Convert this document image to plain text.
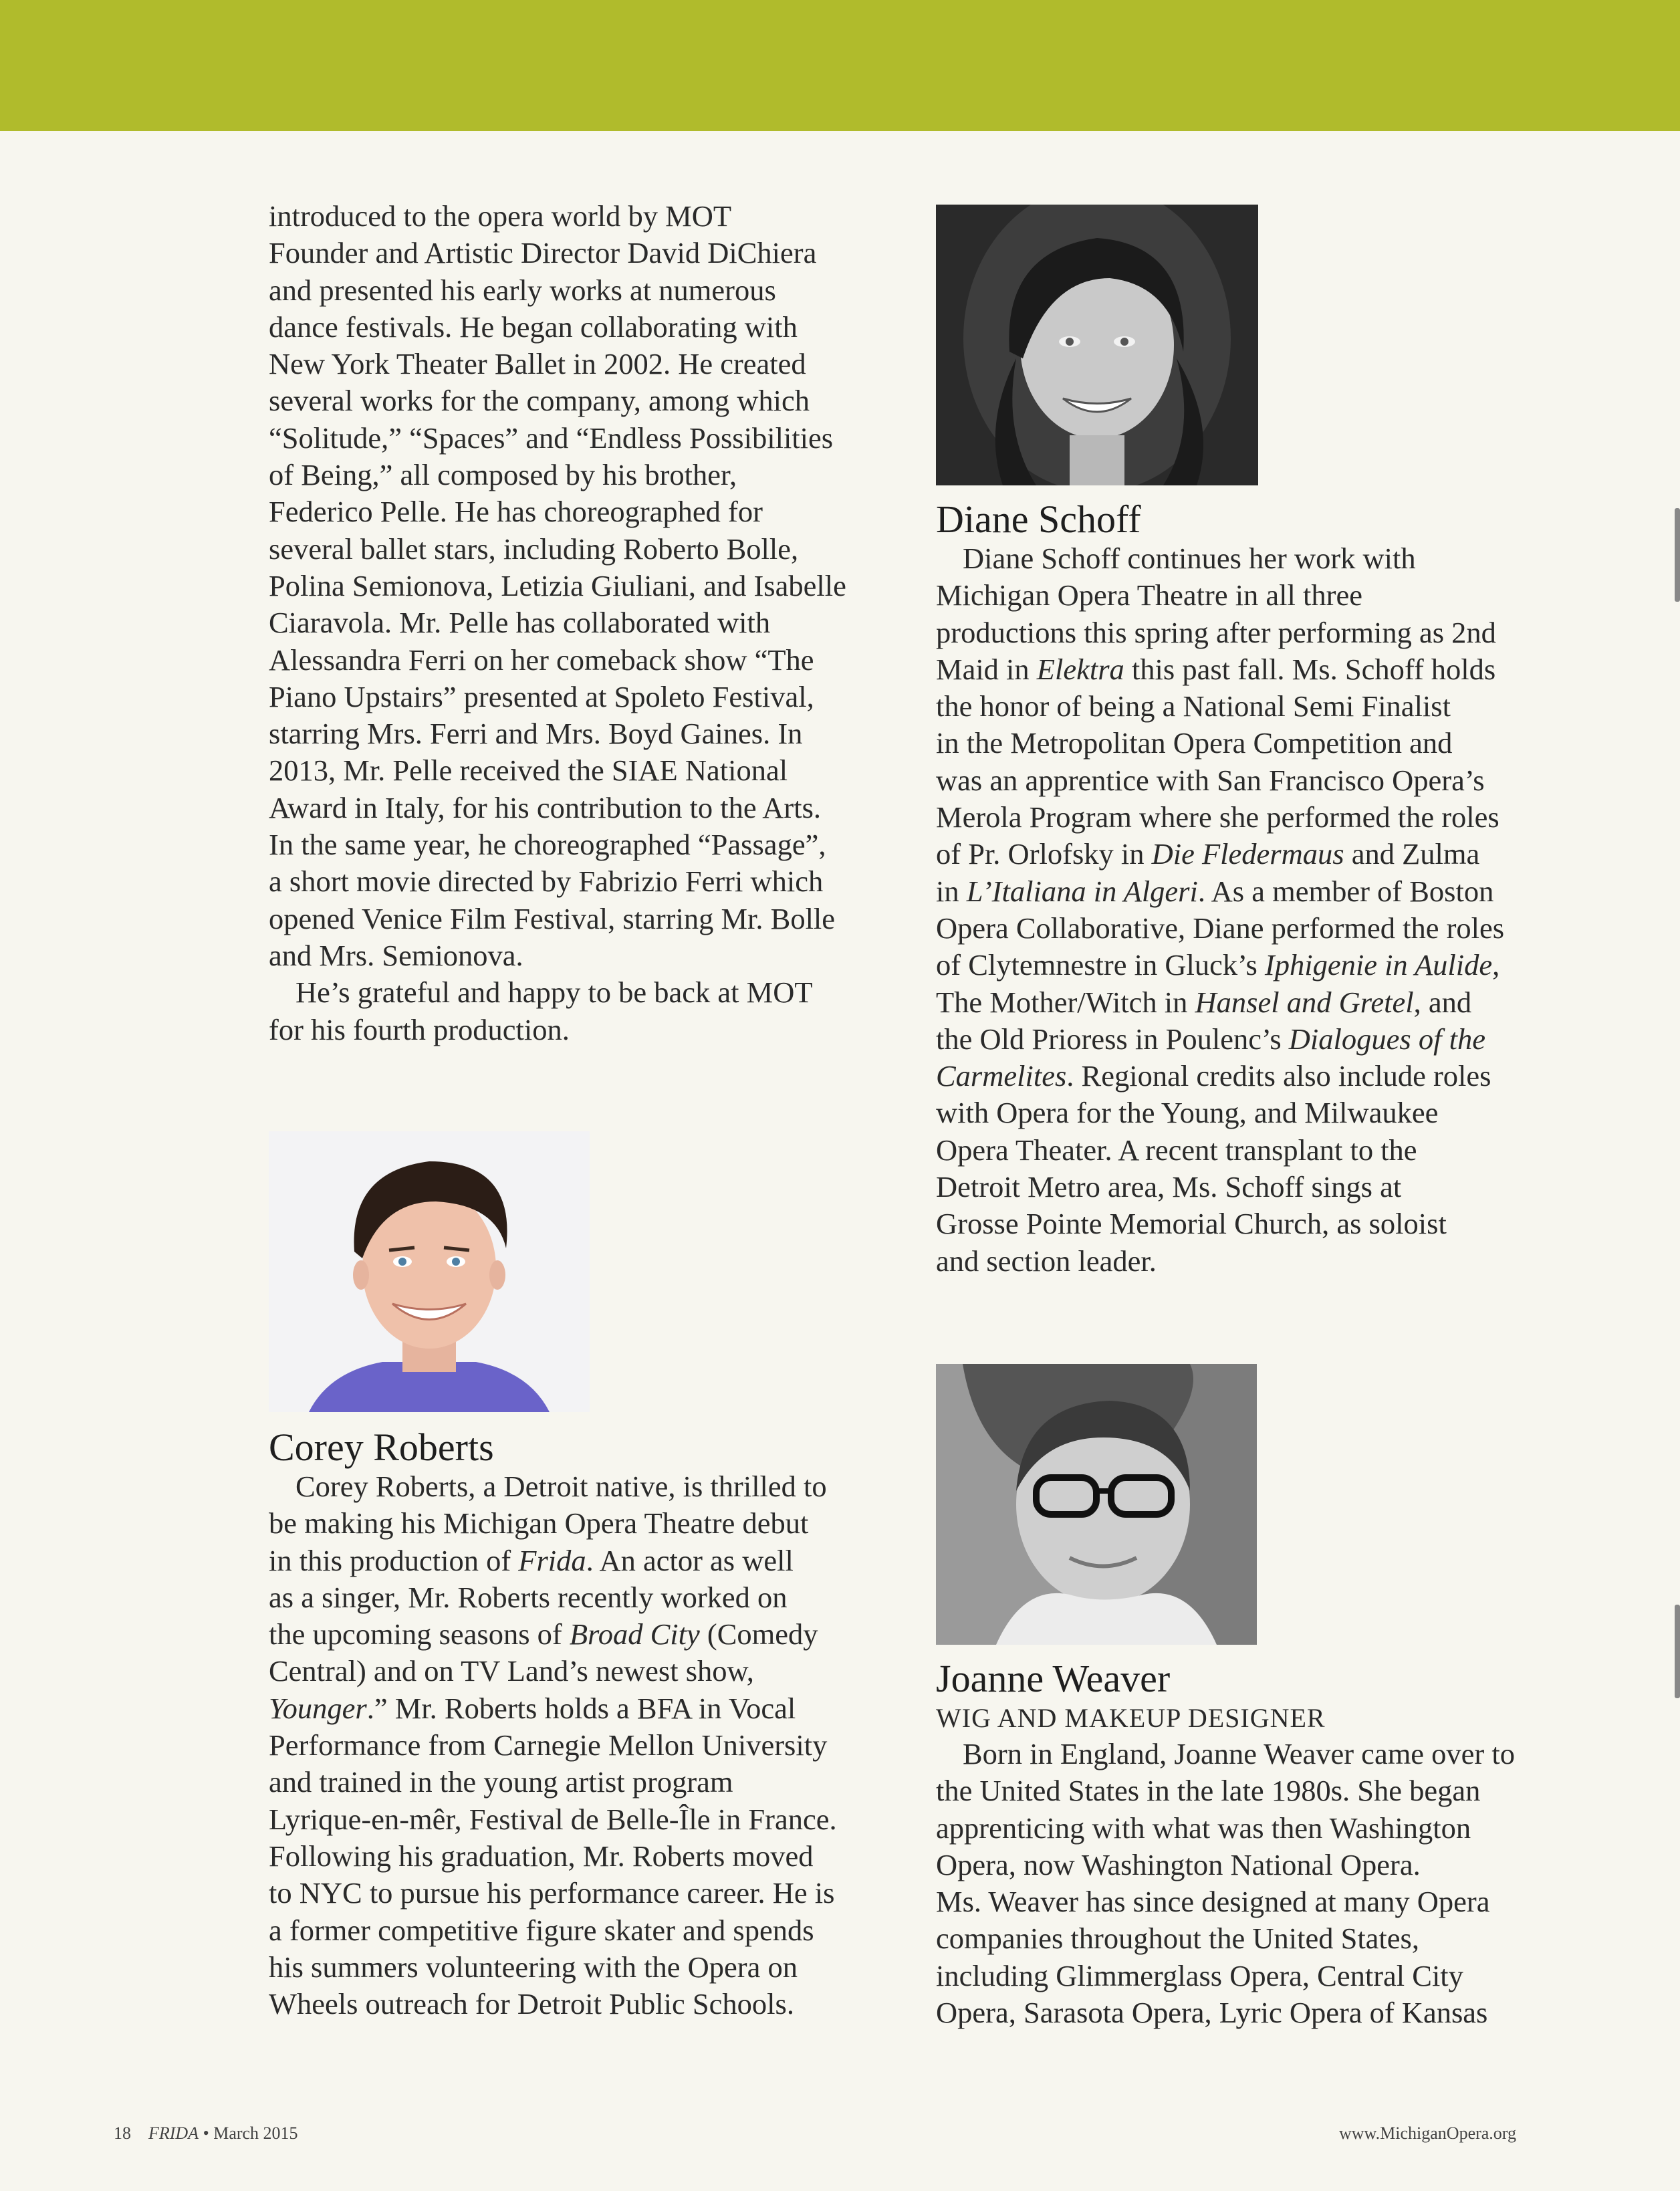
introduced to the opera world by MOT

Founder and Artistic Director David DiChiera

and presented his early works at numerous

dance festivals. He began collaborating with

New York Theater Ballet in 2002. He created

several works for the company, among which

“Solitude,” “Spaces” and “Endless Possibilities

of Being,” all composed by his brother,

Federico Pelle. He has choreographed for

several ballet stars, including Roberto Bolle,

Polina Semionova, Letizia Giuliani, and Isabelle

Ciaravola. Mr. Pelle has collaborated with

Alessandra Ferri on her comeback show “The

Piano Upstairs” presented at Spoleto Festival,

starring Mrs. Ferri and Mrs. Boyd Gaines. In

2013, Mr. Pelle received the SIAE National

Award in Italy, for his contribution to the Arts.

In the same year, he choreographed “Passage”,

a short movie directed by Fabrizio Ferri which

opened Venice Film Festival, starring Mr. Bolle

and Mrs. Semionova.

He’s grateful and happy to be back at MOT

for his fourth production.

Corey Roberts

Corey Roberts, a Detroit native, is thrilled to

be making his Michigan Opera Theatre debut

in this production of Frida. An actor as well

as a singer, Mr. Roberts recently worked on

the upcoming seasons of Broad City (Comedy

Central) and on TV Land’s newest show,

Younger.” Mr. Roberts holds a BFA in Vocal

Performance from Carnegie Mellon University

and trained in the young artist program

Lyrique-en-mêr, Festival de Belle-Île in France.

Following his graduation, Mr. Roberts moved

to NYC to pursue his performance career. He is

a former competitive figure skater and spends

his summers volunteering with the Opera on

Wheels outreach for Detroit Public Schools.

Diane Schoff

Diane Schoff continues her work with

Michigan Opera Theatre in all three

productions this spring after performing as 2nd

Maid in Elektra this past fall. Ms. Schoff holds

the honor of being a National Semi Finalist

in the Metropolitan Opera Competition and

was an apprentice with San Francisco Opera’s

Merola Program where she performed the roles

of Pr. Orlofsky in Die Fledermaus and Zulma

in L’Italiana in Algeri. As a member of Boston

Opera Collaborative, Diane performed the roles

of Clytemnestre in Gluck’s Iphigenie in Aulide,

The Mother/Witch in Hansel and Gretel, and

the Old Prioress in Poulenc’s Dialogues of the

Carmelites. Regional credits also include roles

with Opera for the Young, and Milwaukee

Opera Theater. A recent transplant to the

Detroit Metro area, Ms. Schoff sings at

Grosse Pointe Memorial Church, as soloist

and section leader.

Joanne Weaver

WIG AND MAKEUP DESIGNER

Born in England, Joanne Weaver came over to

the United States in the late 1980s. She began

apprenticing with what was then Washington

Opera, now Washington National Opera.

Ms. Weaver has since designed at many Opera

companies throughout the United States,

including Glimmerglass Opera, Central City

Opera, Sarasota Opera, Lyric Opera of Kansas

18 FRIDA • March 2015	www.MichiganOpera.org
